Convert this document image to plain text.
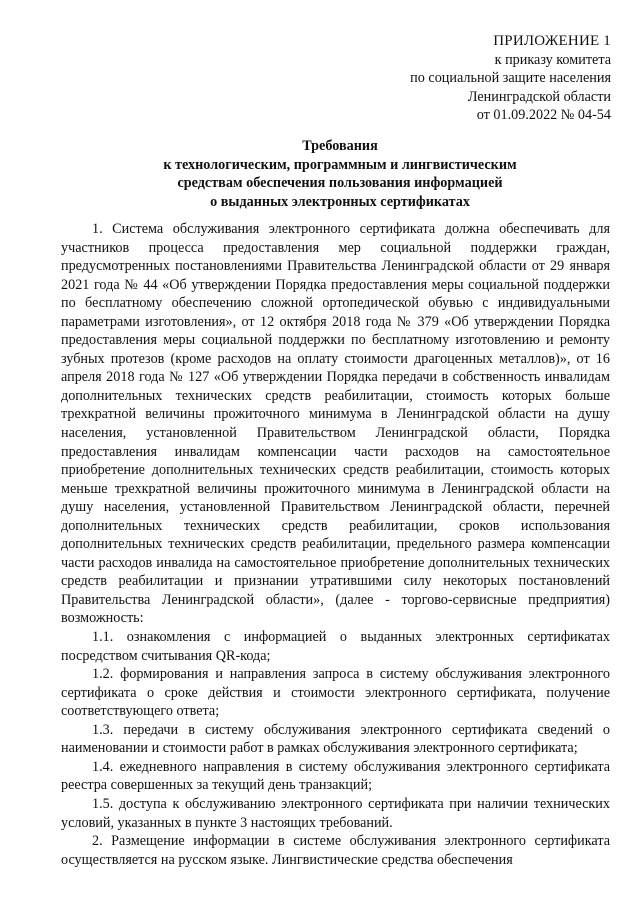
ПРИЛОЖЕНИЕ 1
к приказу комитета
по социальной защите населения
Ленинградской области
от 01.09.2022 № 04-54
Требования
к технологическим, программным и лингвистическим
средствам обеспечения пользования информацией
о выданных электронных сертификатах

1. Система обслуживания электронного сертификата должна обеспечивать для участников процесса предоставления мер социальной поддержки граждан, предусмотренных постановлениями Правительства Ленинградской области от 29 января 2021 года № 44 «Об утверждении Порядка предоставления меры социальной поддержки по бесплатному обеспечению сложной ортопедической обувью с индивидуальными параметрами изготовления», от 12 октября 2018 года № 379 «Об утверждении Порядка предоставления меры социальной поддержки по бесплатному изготовлению и ремонту зубных протезов (кроме расходов на оплату стоимости драгоценных металлов)», от 16 апреля 2018 года № 127 «Об утверждении Порядка передачи в собственность инвалидам дополнительных технических средств реабилитации, стоимость которых больше трехкратной величины прожиточного минимума в Ленинградской области на душу населения, установленной Правительством Ленинградской области, Порядка предоставления инвалидам компенсации части расходов на самостоятельное приобретение дополнительных технических средств реабилитации, стоимость которых меньше трехкратной величины прожиточного минимума в Ленинградской области на душу населения, установленной Правительством Ленинградской области, перечней дополнительных технических средств реабилитации, сроков использования дополнительных технических средств реабилитации, предельного размера компенсации части расходов инвалида на самостоятельное приобретение дополнительных технических средств реабилитации и признании утратившими силу некоторых постановлений Правительства Ленинградской области», (далее - торгово-сервисные предприятия) возможность:

1.1. ознакомления с информацией о выданных электронных сертификатах посредством считывания QR-кода;

1.2. формирования и направления запроса в систему обслуживания электронного сертификата о сроке действия и стоимости электронного сертификата, получение соответствующего ответа;

1.3. передачи в систему обслуживания электронного сертификата сведений о наименовании и стоимости работ в рамках обслуживания электронного сертификата;

1.4. ежедневного направления в систему обслуживания электронного сертификата реестра совершенных за текущий день транзакций;

1.5. доступа к обслуживанию электронного сертификата при наличии технических условий, указанных в пункте 3 настоящих требований.

2. Размещение информации в системе обслуживания электронного сертификата осуществляется на русском языке. Лингвистические средства обеспечения
